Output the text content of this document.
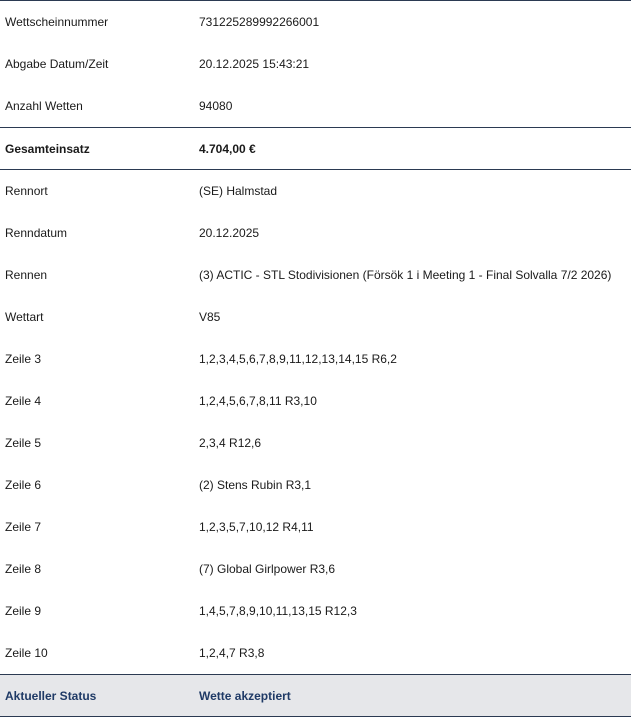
Wettscheinnummer	731225289992266001
Abgabe Datum/Zeit	20.12.2025 15:43:21
Anzahl Wetten	94080
Gesamteinsatz	4.704,00 €
Rennort	(SE) Halmstad
Renndatum	20.12.2025
Rennen	(3) ACTIC - STL Stodivisionen (Försök 1 i Meeting 1 - Final Solvalla 7/2 2026)
Wettart	V85
Zeile 3	1,2,3,4,5,6,7,8,9,11,12,13,14,15 R6,2
Zeile 4	1,2,4,5,6,7,8,11 R3,10
Zeile 5	2,3,4 R12,6
Zeile 6	(2) Stens Rubin R3,1
Zeile 7	1,2,3,5,7,10,12 R4,11
Zeile 8	(7) Global Girlpower R3,6
Zeile 9	1,4,5,7,8,9,10,11,13,15 R12,3
Zeile 10	1,2,4,7 R3,8
Aktueller Status	Wette akzeptiert
